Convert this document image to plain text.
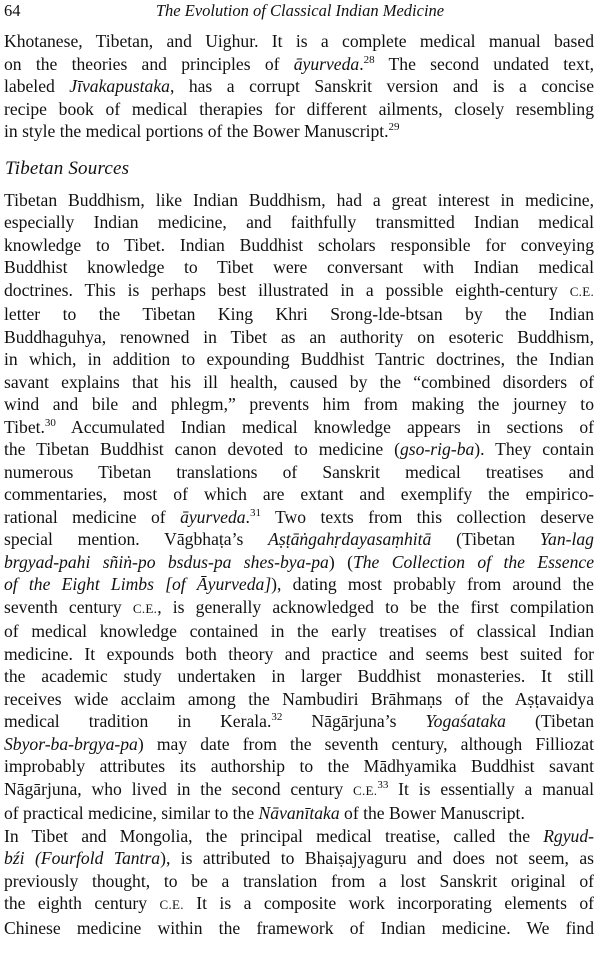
64	The Evolution of Classical Indian Medicine
Khotanese, Tibetan, and Uighur. It is a complete medical manual based
on the theories and principles of āyurveda.$^{28}$ The second undated text,
labeled Jīvakapustaka, has a corrupt Sanskrit version and is a concise
recipe book of medical therapies for different ailments, closely resembling
in style the medical portions of the Bower Manuscript.$^{29}$
Tibetan Sources
Tibetan Buddhism, like Indian Buddhism, had a great interest in medicine,
especially Indian medicine, and faithfully transmitted Indian medical
knowledge to Tibet. Indian Buddhist scholars responsible for conveying
Buddhist knowledge to Tibet were conversant with Indian medical
doctrines. This is perhaps best illustrated in a possible eighth-century C.E.
letter to the Tibetan King Khri Srong-lde-btsan by the Indian
Buddhaguhya, renowned in Tibet as an authority on esoteric Buddhism,
in which, in addition to expounding Buddhist Tantric doctrines, the Indian
savant explains that his ill health, caused by the “combined disorders of
wind and bile and phlegm,” prevents him from making the journey to
Tibet.$^{30}$ Accumulated Indian medical knowledge appears in sections of
the Tibetan Buddhist canon devoted to medicine (gso-rig-ba). They contain
numerous Tibetan translations of Sanskrit medical treatises and
commentaries, most of which are extant and exemplify the empirico-
rational medicine of āyurveda.$^{31}$ Two texts from this collection deserve
special mention. Vāgbhaṭa’s Aṣṭāṅgahṛdayasaṃhitā (Tibetan Yan-lag
brgyad-pahi sñiṅ-po bsdus-pa shes-bya-pa) (The Collection of the Essence
of the Eight Limbs [of Āyurveda]), dating most probably from around the
seventh century C.E., is generally acknowledged to be the first compilation
of medical knowledge contained in the early treatises of classical Indian
medicine. It expounds both theory and practice and seems best suited for
the academic study undertaken in larger Buddhist monasteries. It still
receives wide acclaim among the Nambudiri Brāhmaṇs of the Aṣṭavaidya
medical tradition in Kerala.$^{32}$ Nāgārjuna’s Yogaśataka (Tibetan
Sbyor-ba-brgya-pa) may date from the seventh century, although Filliozat
improbably attributes its authorship to the Mādhyamika Buddhist savant
Nāgārjuna, who lived in the second century C.E.$^{33}$ It is essentially a manual
of practical medicine, similar to the Nāvanītaka of the Bower Manuscript.
In Tibet and Mongolia, the principal medical treatise, called the Rgyud-
bźi (Fourfold Tantra), is attributed to Bhaiṣajyaguru and does not seem, as
previously thought, to be a translation from a lost Sanskrit original of
the eighth century C.E. It is a composite work incorporating elements of
Chinese medicine within the framework of Indian medicine. We find
